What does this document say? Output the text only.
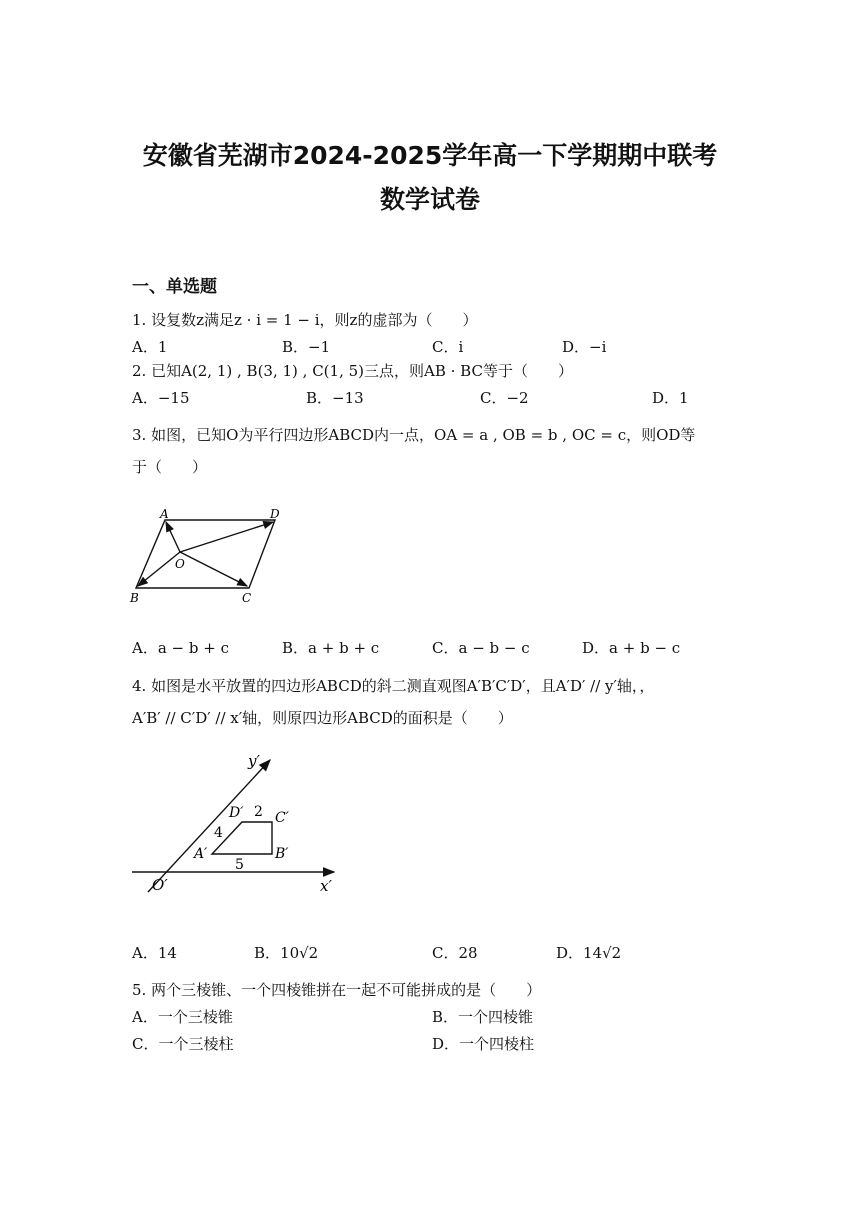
安徽省芜湖市2024-2025学年高一下学期期中联考
数学试卷
一、单选题
1. 设复数z满足z · i = 1 − i，则z的虚部为（　　）
A．1	B．−1	C．i	D．−i
2. 已知A(2, 1) , B(3, 1) , C(1, 5)三点，则AB · BC等于（　　）
A．−15	B．−13	C．−2	D．1
3. 如图，已知O为平行四边形ABCD内一点，OA = a , OB = b , OC = c，则OD等
于（　　）
A	D
O
B	C
A．a − b + c	B．a + b + c	C．a − b − c	D．a + b − c
4. 如图是水平放置的四边形ABCD的斜二测直观图A′B′C′D′，且A′D′ // y′轴，，
A′B′ // C′D′ // x′轴，则原四边形ABCD的面积是（　　）
y′
x′
O′
A′	B′
C′
D′ 2
4
5
A．14	B．10√2	C．28	D．14√2
5. 两个三棱锥、一个四棱锥拼在一起不可能拼成的是（　　）
A．一个三棱锥	B．一个四棱锥
C．一个三棱柱	D．一个四棱柱
